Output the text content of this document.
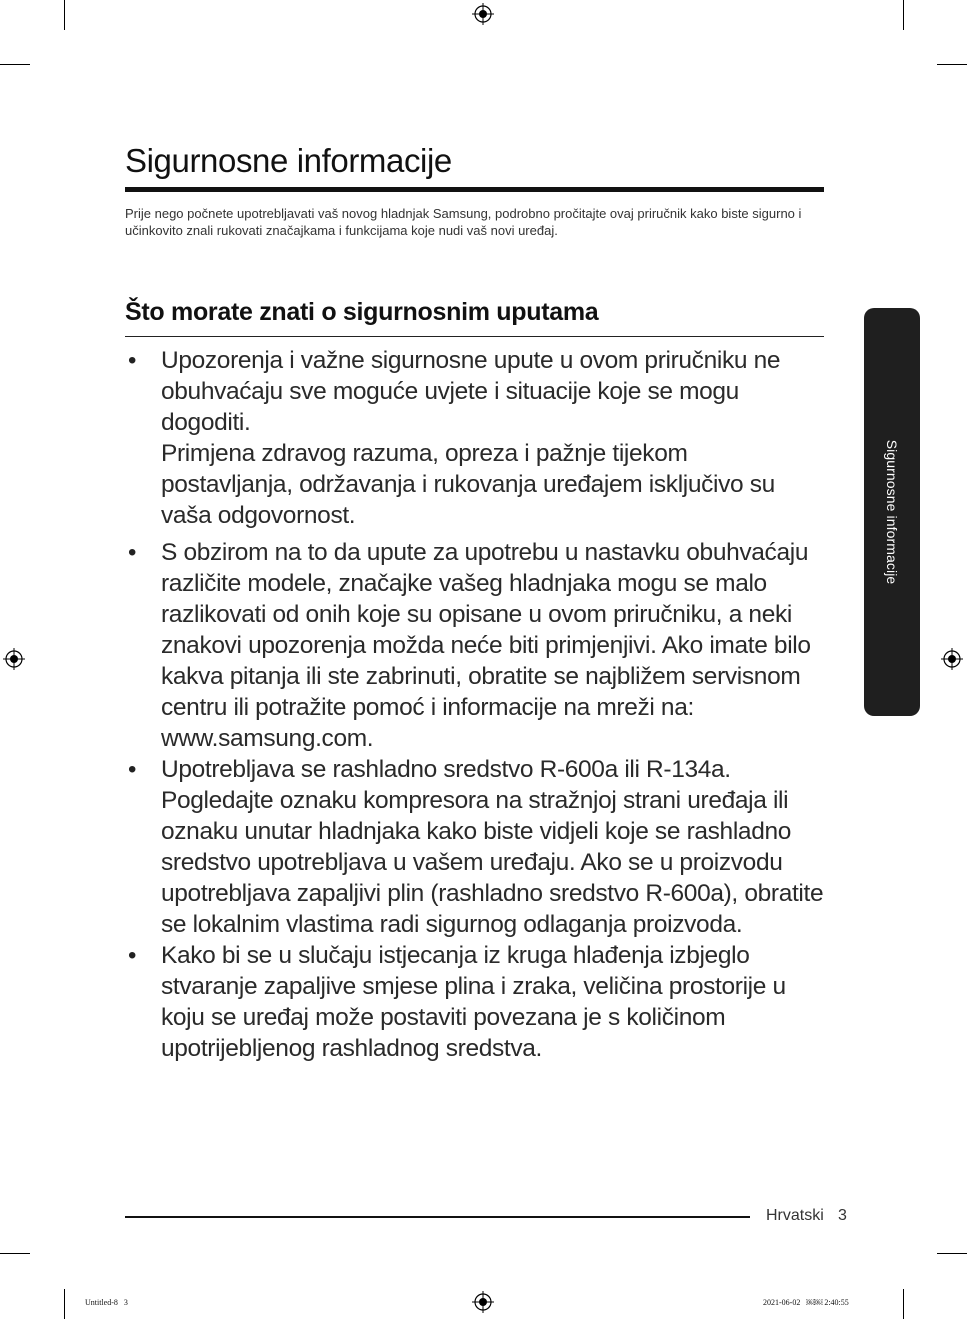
Sigurnosne informacije

Prije nego počnete upotrebljavati vaš novog hladnjak Samsung, podrobno pročitajte ovaj priručnik kako biste sigurno i učinkovito znali rukovati značajkama i funkcijama koje nudi vaš novi uređaj.

Što morate znati o sigurnosnim uputama
• Upozorenja i važne sigurnosne upute u ovom priručniku ne obuhvaćaju sve moguće uvjete i situacije koje se mogu dogoditi.

Primjena zdravog razuma, opreza i pažnje tijekom postavljanja, održavanja i rukovanja uređajem isključivo su vaša odgovornost.

• S obzirom na to da upute za upotrebu u nastavku obuhvaćaju različite modele, značajke vašeg hladnjaka mogu se malo razlikovati od onih koje su opisane u ovom priručniku, a neki znakovi upozorenja možda neće biti primjenjivi. Ako imate bilo kakva pitanja ili ste zabrinuti, obratite se najbližem servisnom centru ili potražite pomoć i informacije na mreži na: www.samsung.com.

• Upotrebljava se rashladno sredstvo R-600a ili R-134a. Pogledajte oznaku kompresora na stražnjoj strani uređaja ili oznaku unutar hladnjaka kako biste vidjeli koje se rashladno sredstvo upotrebljava u vašem uređaju. Ako se u proizvodu upotrebljava zapaljivi plin (rashladno sredstvo R-600a), obratite se lokalnim vlastima radi sigurnog odlaganja proizvoda.

• Kako bi se u slučaju istjecanja iz kruga hlađenja izbjeglo stvaranje zapaljive smjese plina i zraka, veličina prostorije u koju se uređaj može postaviti povezana je s količinom upotrijebljenog rashladnog sredstva.

Sigurnosne informacije
Hrvatski 3
Untitled-8   3	2021-06-02   ￼￼ 2:40:55
